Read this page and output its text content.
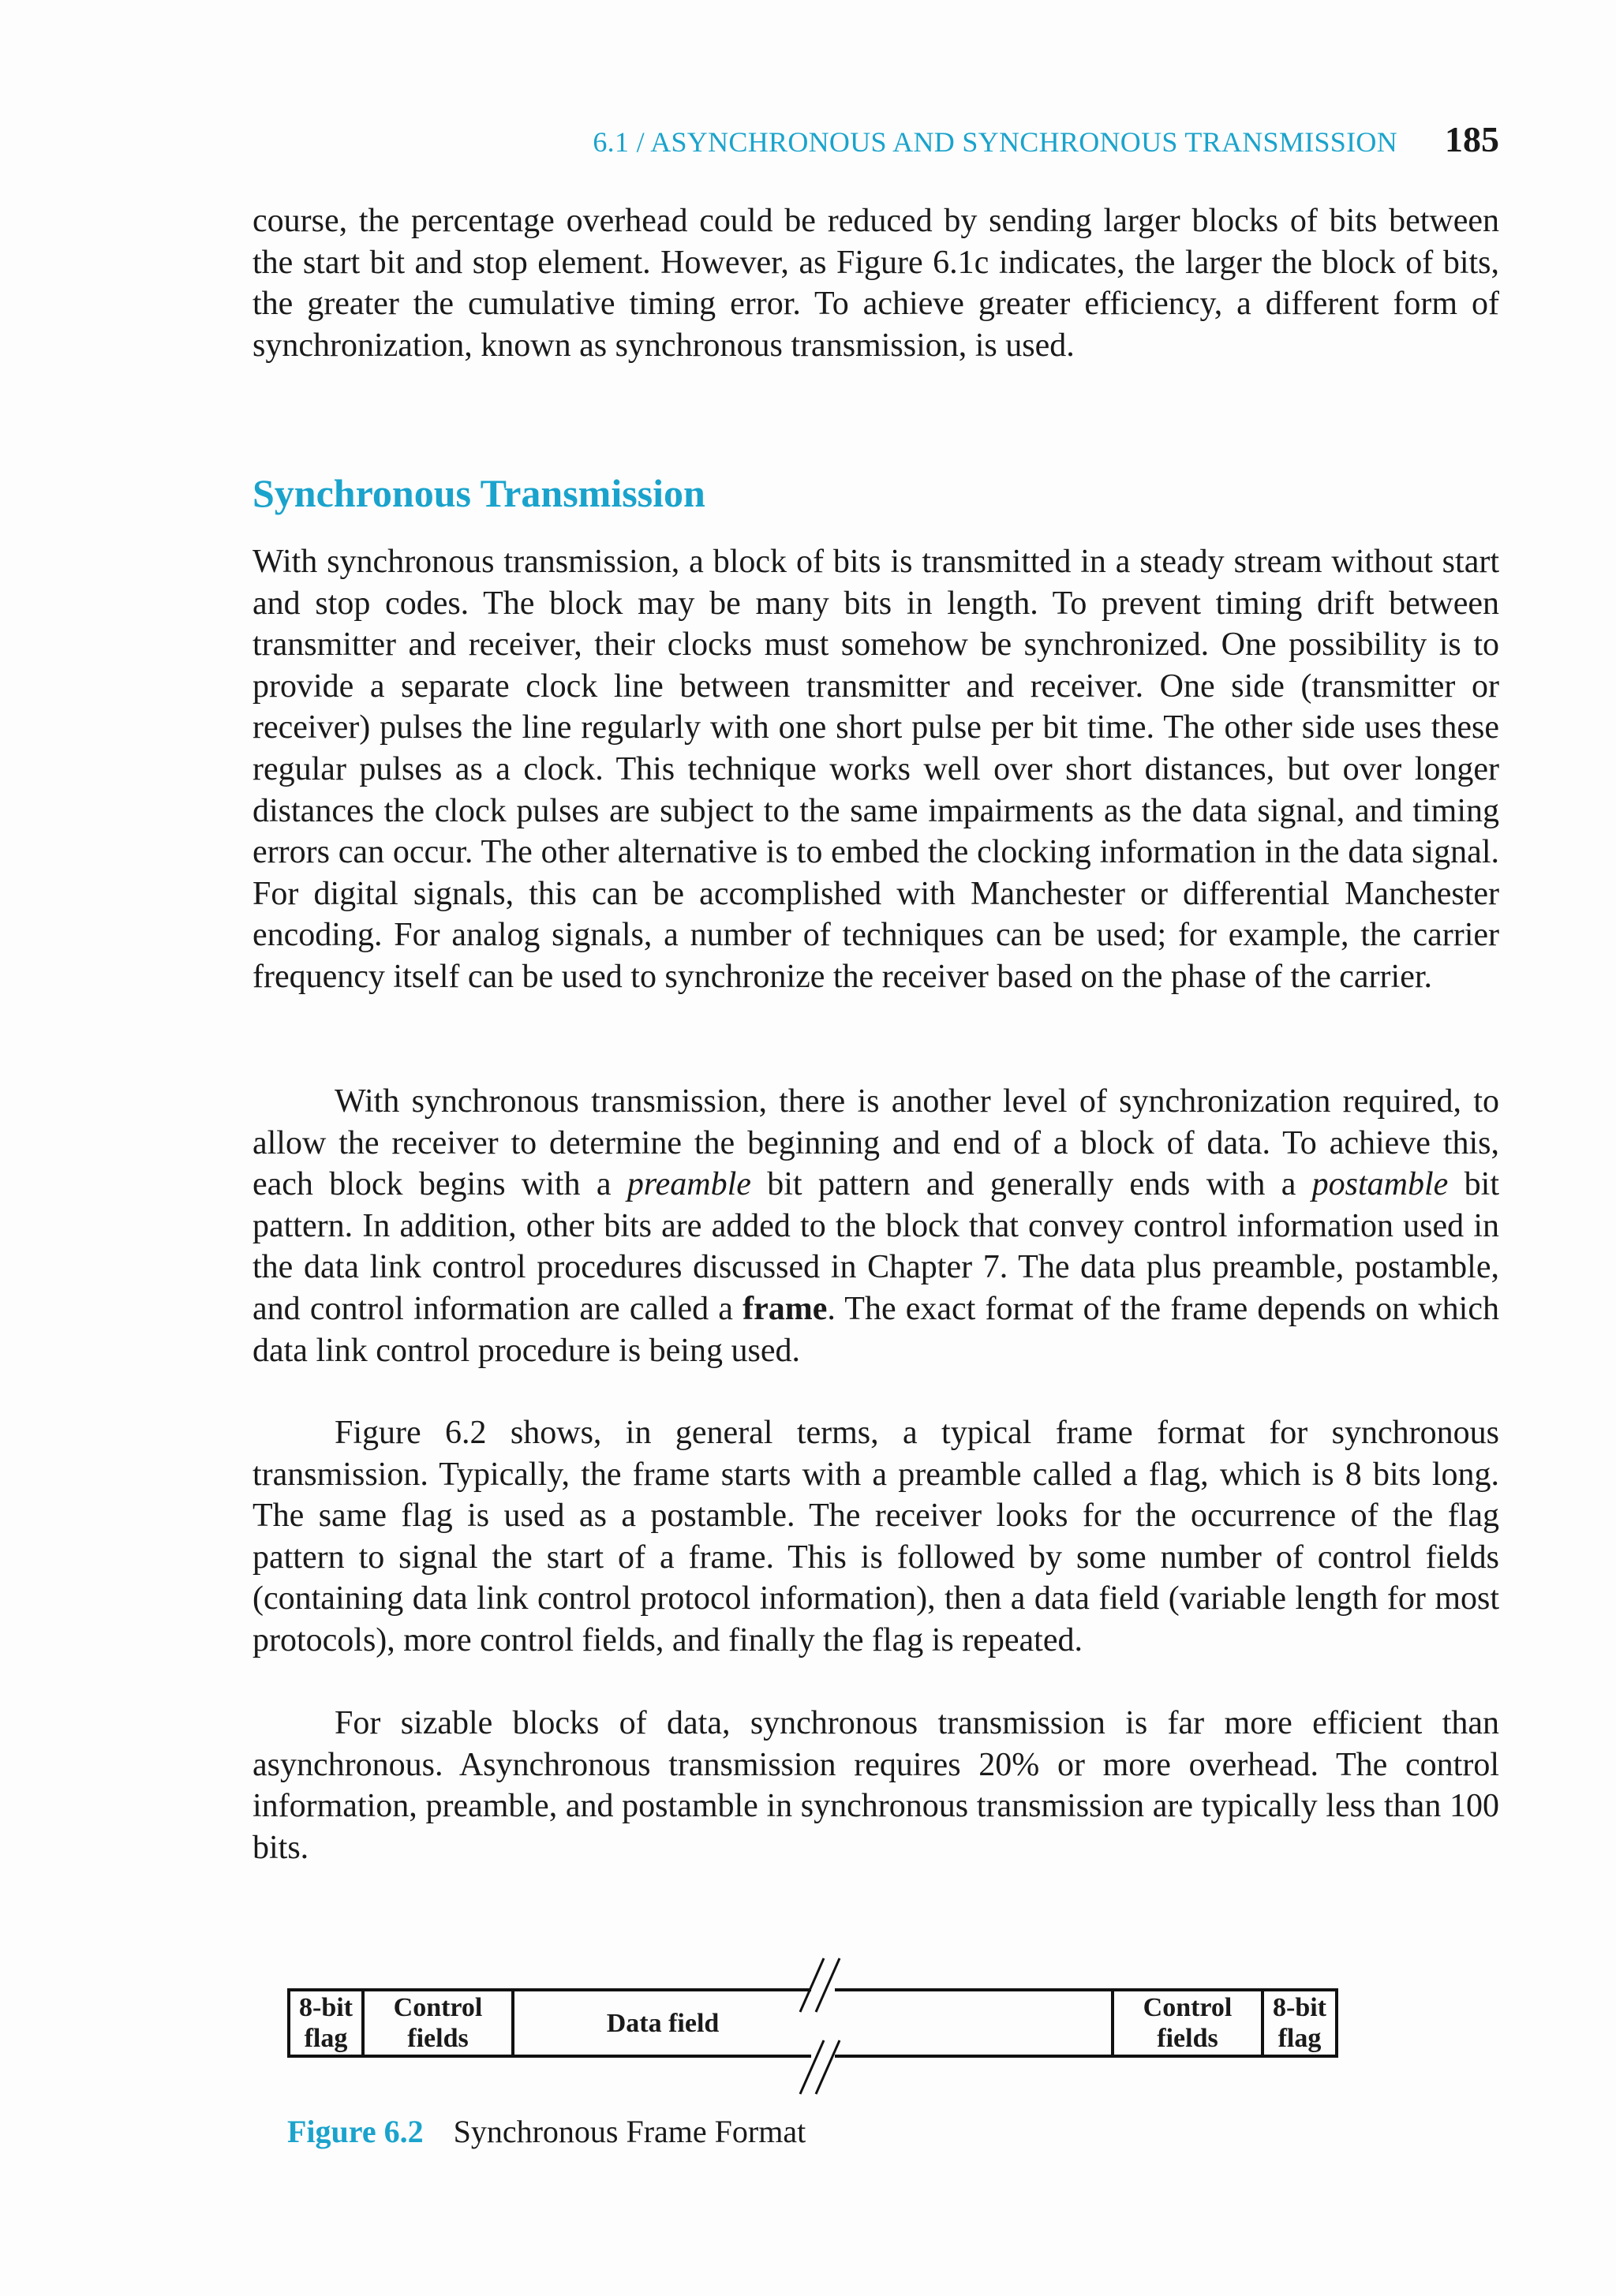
6.1 / ASYNCHRONOUS AND SYNCHRONOUS TRANSMISSION 185

course, the percentage overhead could be reduced by sending larger blocks of bits between the start bit and stop element. However, as Figure 6.1c indicates, the larger the block of bits, the greater the cumulative timing error. To achieve greater efficiency, a different form of synchronization, known as synchronous transmission, is used.

Synchronous Transmission

With synchronous transmission, a block of bits is transmitted in a steady stream without start and stop codes. The block may be many bits in length. To prevent timing drift between transmitter and receiver, their clocks must somehow be synchronized. One possibility is to provide a separate clock line between transmitter and receiver. One side (transmitter or receiver) pulses the line regularly with one short pulse per bit time. The other side uses these regular pulses as a clock. This technique works well over short distances, but over longer distances the clock pulses are subject to the same impairments as the data signal, and timing errors can occur. The other alternative is to embed the clocking information in the data signal. For digital signals, this can be accomplished with Manchester or differential Manchester encoding. For analog signals, a number of techniques can be used; for example, the carrier frequency itself can be used to synchronize the receiver based on the phase of the carrier.

With synchronous transmission, there is another level of synchronization required, to allow the receiver to determine the beginning and end of a block of data. To achieve this, each block begins with a preamble bit pattern and generally ends with a postamble bit pattern. In addition, other bits are added to the block that convey control information used in the data link control procedures discussed in Chapter 7. The data plus preamble, postamble, and control information are called a frame. The exact format of the frame depends on which data link control procedure is being used.

Figure 6.2 shows, in general terms, a typical frame format for synchronous transmission. Typically, the frame starts with a preamble called a flag, which is 8 bits long. The same flag is used as a postamble. The receiver looks for the occurrence of the flag pattern to signal the start of a frame. This is followed by some number of control fields (containing data link control protocol information), then a data field (variable length for most protocols), more control fields, and finally the flag is repeated.

For sizable blocks of data, synchronous transmission is far more efficient than asynchronous. Asynchronous transmission requires 20% or more overhead. The control information, preamble, and postamble in synchronous transmission are typically less than 100 bits.

8-bit
flag
Control
fields
Data field
Control
fields
8-bit
flag
Figure 6.2 Synchronous Frame Format
